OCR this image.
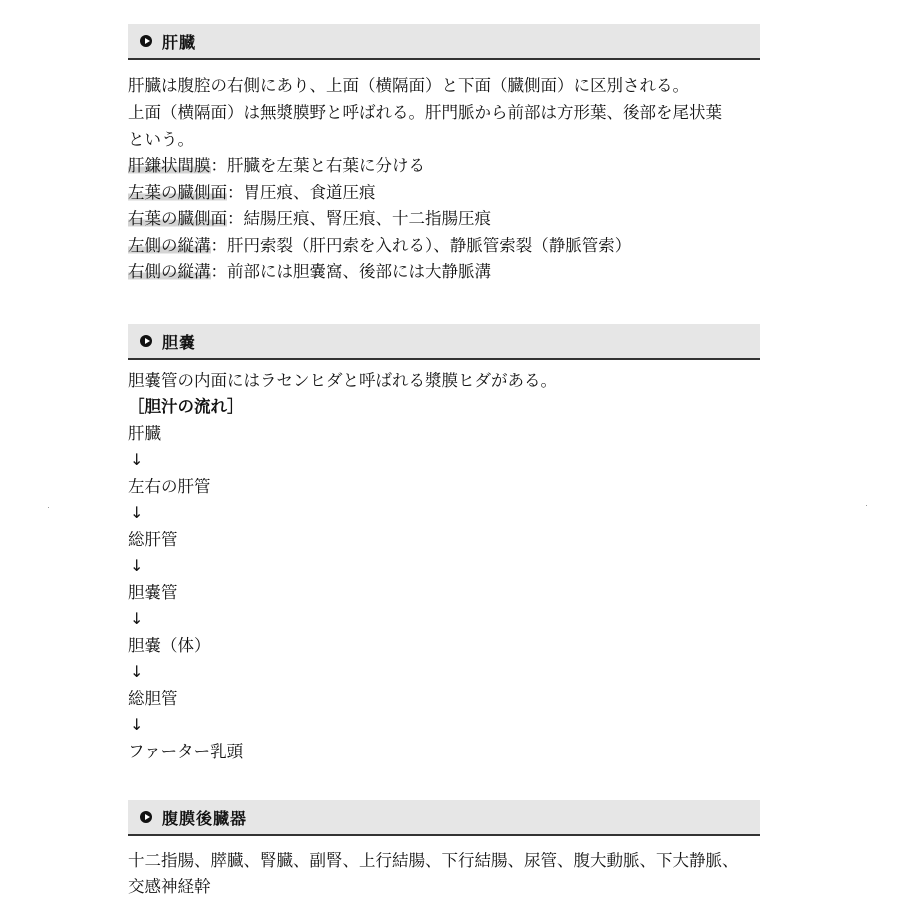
肝臓
肝臓は腹腔の右側にあり、上面（横隔面）と下面（臓側面）に区別される。
上面（横隔面）は無漿膜野と呼ばれる。肝門脈から前部は方形葉、後部を尾状葉
という。
肝鎌状間膜：肝臓を左葉と右葉に分ける
左葉の臓側面：胃圧痕、食道圧痕
右葉の臓側面：結腸圧痕、腎圧痕、十二指腸圧痕
左側の縦溝：肝円索裂（肝円索を入れる）、静脈管索裂（静脈管索）
右側の縦溝：前部には胆嚢窩、後部には大静脈溝
胆嚢
胆嚢管の内面にはラセンヒダと呼ばれる漿膜ヒダがある。
［胆汁の流れ］
肝臓
↓
左右の肝管
↓
総肝管
↓
胆嚢管
↓
胆嚢（体）
↓
総胆管
↓
ファーター乳頭
腹膜後臓器
十二指腸、膵臓、腎臓、副腎、上行結腸、下行結腸、尿管、腹大動脈、下大静脈、
交感神経幹
